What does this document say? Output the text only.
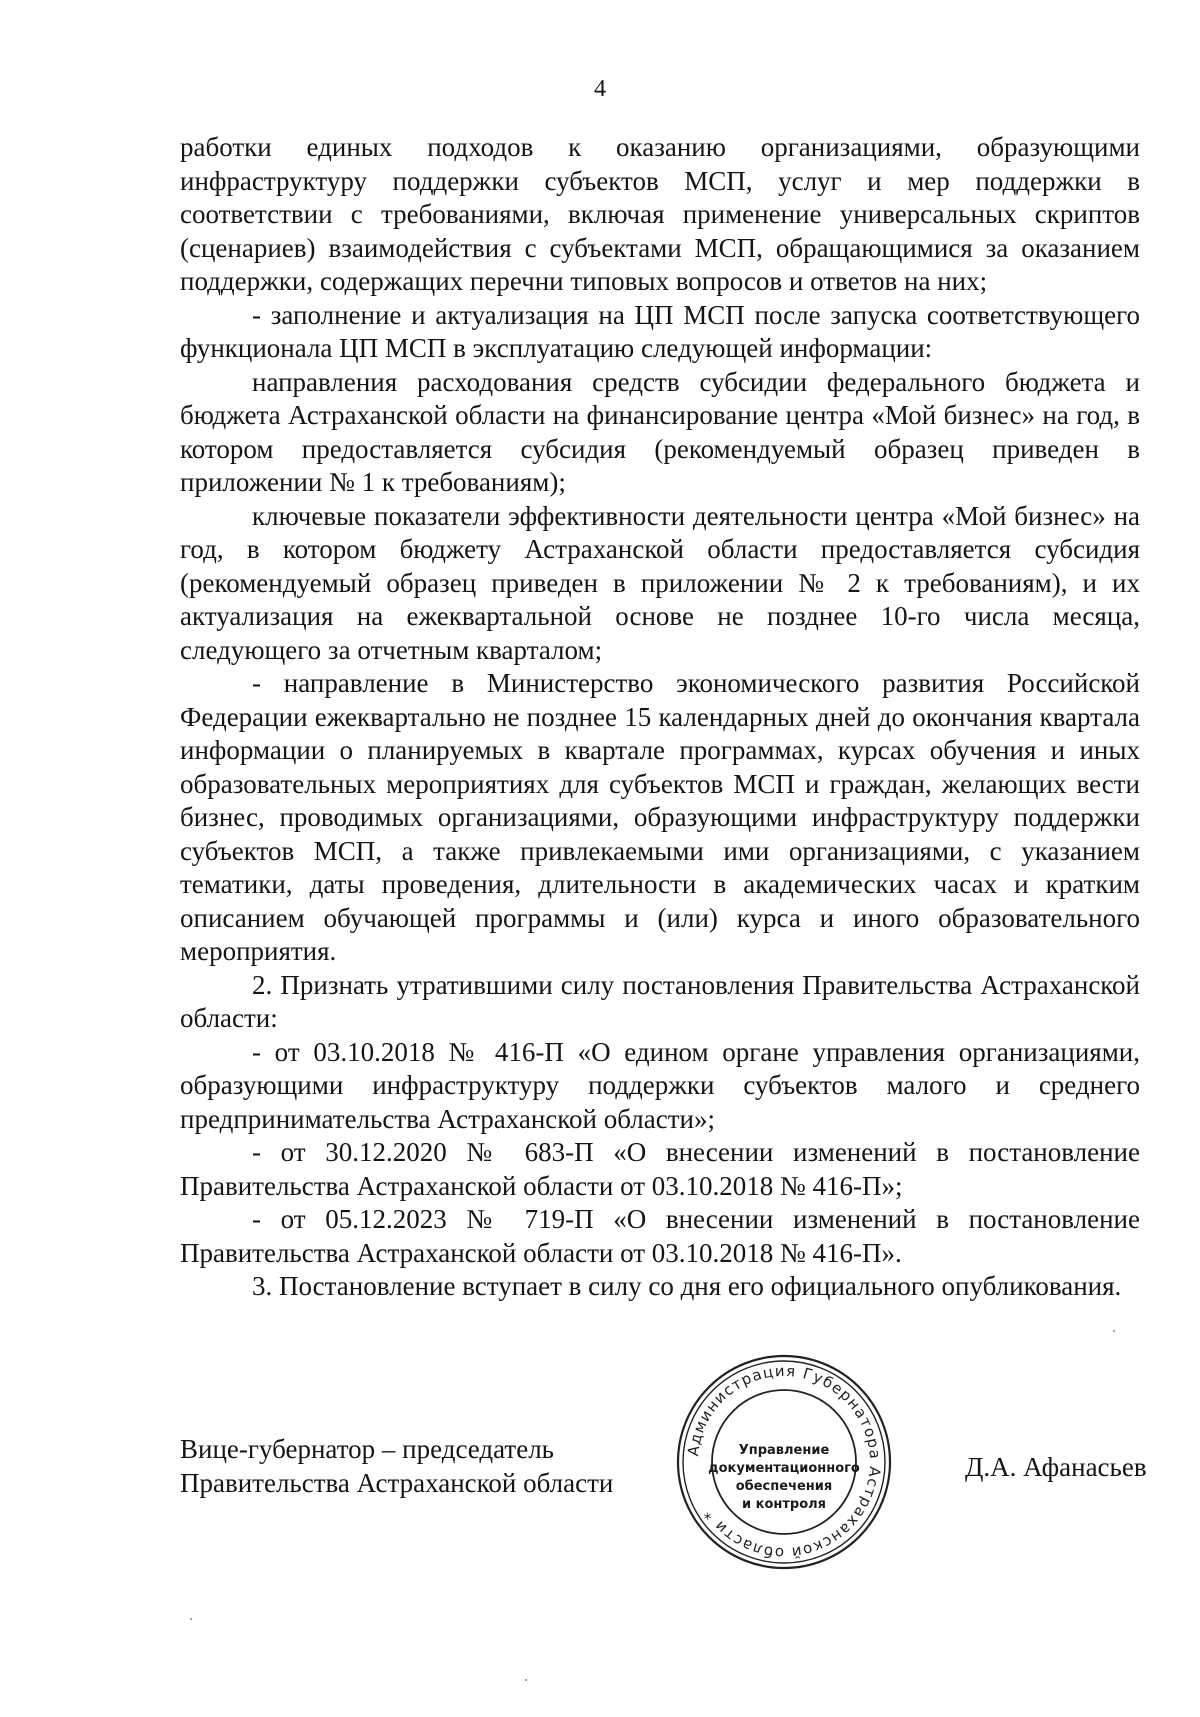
4

работки единых подходов к оказанию организациями, образующими инфраструктуру поддержки субъектов МСП, услуг и мер поддержки в соответствии с требованиями, включая применение универсальных скриптов (сценариев) взаимодействия с субъектами МСП, обращающимися за оказанием поддержки, содержащих перечни типовых вопросов и ответов на них;

- заполнение и актуализация на ЦП МСП после запуска соответствующего функционала ЦП МСП в эксплуатацию следующей информации:

направления расходования средств субсидии федерального бюджета и бюджета Астраханской области на финансирование центра «Мой бизнес» на год, в котором предоставляется субсидия (рекомендуемый образец приведен в приложении № 1 к требованиям);

ключевые показатели эффективности деятельности центра «Мой бизнес» на год, в котором бюджету Астраханской области предоставляется субсидия (рекомендуемый образец приведен в приложении № 2 к требованиям), и их актуализация на ежеквартальной основе не позднее 10-го числа месяца, следующего за отчетным кварталом;

- направление в Министерство экономического развития Российской Федерации ежеквартально не позднее 15 календарных дней до окончания квартала информации о планируемых в квартале программах, курсах обучения и иных образовательных мероприятиях для субъектов МСП и граждан, желающих вести бизнес, проводимых организациями, образующими инфраструктуру поддержки субъектов МСП, а также привлекаемыми ими организациями, с указанием тематики, даты проведения, длительности в академических часах и кратким описанием обучающей программы и (или) курса и иного образовательного мероприятия.

2. Признать утратившими силу постановления Правительства Астраханской области:

- от 03.10.2018 № 416-П «О едином органе управления организациями, образующими инфраструктуру поддержки субъектов малого и среднего предпринимательства Астраханской области»;

- от 30.12.2020 № 683-П «О внесении изменений в постановление Правительства Астраханской области от 03.10.2018 № 416-П»;

- от 05.12.2023 № 719-П «О внесении изменений в постановление Правительства Астраханской области от 03.10.2018 № 416-П».

3. Постановление вступает в силу со дня его официального опубликования.

Вице-губернатор – председатель
Правительства Астраханской области
Администрация Губернатора Астраханской области *
Управление
документационного
обеспечения
и контроля
Д.А. Афанасьев
